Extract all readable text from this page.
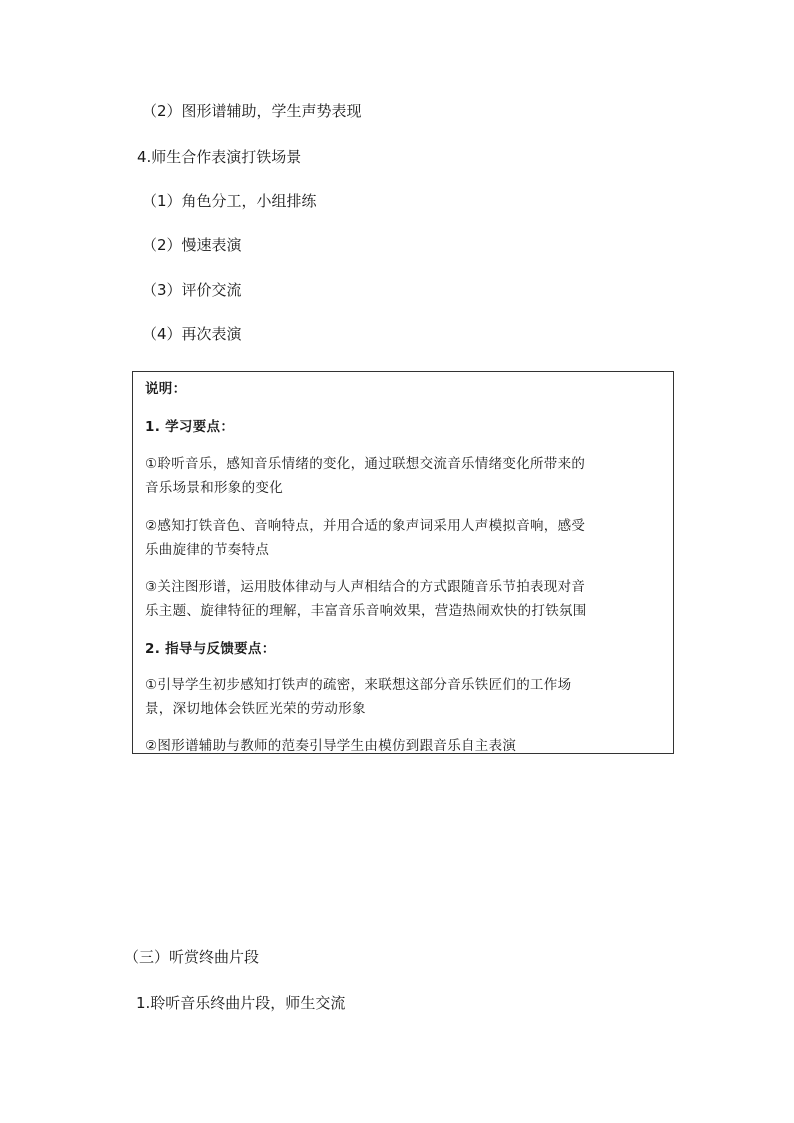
（2）图形谱辅助，学生声势表现
4.师生合作表演打铁场景
（1）角色分工，小组排练
（2）慢速表演
（3）评价交流
（4）再次表演
说明：
1. 学习要点：
①聆听音乐，感知音乐情绪的变化，通过联想交流音乐情绪变化所带来的
音乐场景和形象的变化
②感知打铁音色、音响特点，并用合适的象声词采用人声模拟音响，感受
乐曲旋律的节奏特点
③关注图形谱，运用肢体律动与人声相结合的方式跟随音乐节拍表现对音
乐主题、旋律特征的理解，丰富音乐音响效果，营造热闹欢快的打铁氛围
2. 指导与反馈要点：
①引导学生初步感知打铁声的疏密，来联想这部分音乐铁匠们的工作场
景，深切地体会铁匠光荣的劳动形象
②图形谱辅助与教师的范奏引导学生由模仿到跟音乐自主表演
（三）听赏终曲片段
1.聆听音乐终曲片段，师生交流
